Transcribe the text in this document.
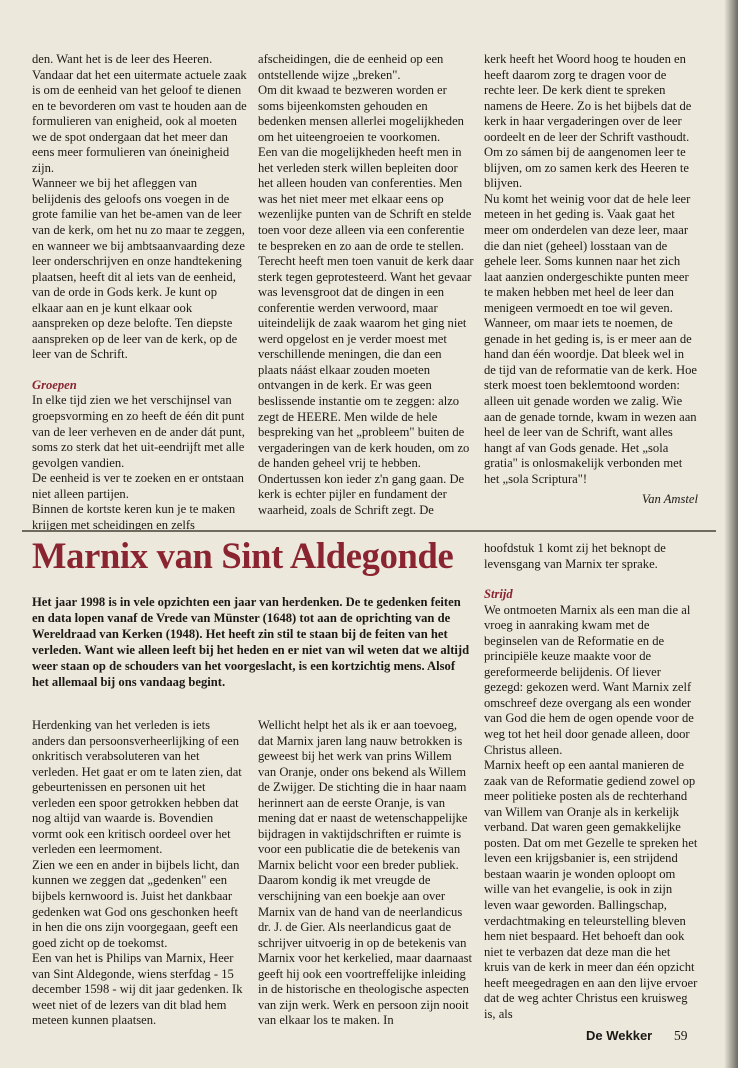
den. Want het is de leer des Heeren. Vandaar dat het een uitermate actuele zaak is om de eenheid van het geloof te dienen en te bevorderen om vast te houden aan de formulieren van enigheid, ook al moeten we de spot ondergaan dat het meer dan eens meer formulieren van óneinigheid zijn.

Wanneer we bij het afleggen van belijdenis des geloofs ons voegen in de grote familie van het be-amen van de leer van de kerk, om het nu zo maar te zeggen, en wanneer we bij ambtsaanvaarding deze leer onderschrijven en onze handtekening plaatsen, heeft dit al iets van de eenheid, van de orde in Gods kerk. Je kunt op elkaar aan en je kunt elkaar ook aanspreken op deze belofte. Ten diepste aanspreken op de leer van de kerk, op de leer van de Schrift.

Groepen

In elke tijd zien we het verschijnsel van groepsvorming en zo heeft de één dit punt van de leer verheven en de ander dát punt, soms zo sterk dat het uit-eendrijft met alle gevolgen vandien.

De eenheid is ver te zoeken en er ontstaan niet alleen partijen.

Binnen de kortste keren kun je te maken krijgen met scheidingen en zelfs

afscheidingen, die de eenheid op een ontstellende wijze „breken".

Om dit kwaad te bezweren worden er soms bijeenkomsten gehouden en bedenken mensen allerlei mogelijkheden om het uiteengroeien te voorkomen.

Een van die mogelijkheden heeft men in het verleden sterk willen bepleiten door het alleen houden van conferenties. Men was het niet meer met elkaar eens op wezenlijke punten van de Schrift en stelde toen voor deze alleen via een conferentie te bespreken en zo aan de orde te stellen. Terecht heeft men toen vanuit de kerk daar sterk tegen geprotesteerd. Want het gevaar was levensgroot dat de dingen in een conferentie werden verwoord, maar uiteindelijk de zaak waarom het ging niet werd opgelost en je verder moest met verschillende meningen, die dan een plaats náást elkaar zouden moeten ontvangen in de kerk. Er was geen beslissende instantie om te zeggen: alzo zegt de HEERE. Men wilde de hele bespreking van het „probleem" buiten de vergaderingen van de kerk houden, om zo de handen geheel vrij te hebben. Ondertussen kon ieder z'n gang gaan. De kerk is echter pijler en fundament der waarheid, zoals de Schrift zegt. De

kerk heeft het Woord hoog te houden en heeft daarom zorg te dragen voor de rechte leer. De kerk dient te spreken namens de Heere. Zo is het bijbels dat de kerk in haar vergaderingen over de leer oordeelt en de leer der Schrift vasthoudt. Om zo sámen bij de aangenomen leer te blijven, om zo samen kerk des Heeren te blijven.

Nu komt het weinig voor dat de hele leer meteen in het geding is. Vaak gaat het meer om onderdelen van deze leer, maar die dan niet (geheel) losstaan van de gehele leer. Soms kunnen naar het zich laat aanzien ondergeschikte punten meer te maken hebben met heel de leer dan menigeen vermoedt en toe wil geven. Wanneer, om maar iets te noemen, de genade in het geding is, is er meer aan de hand dan één woordje. Dat bleek wel in de tijd van de reformatie van de kerk. Hoe sterk moest toen beklemtoond worden: alleen uit genade worden we zalig. Wie aan de genade tornde, kwam in wezen aan heel de leer van de Schrift, want alles hangt af van Gods genade. Het „sola gratia" is onlosmakelijk verbonden met het „sola Scriptura"!

Van Amstel

Marnix van Sint Aldegonde
Het jaar 1998 is in vele opzichten een jaar van herdenken. De te gedenken feiten en data lopen vanaf de Vrede van Münster (1648) tot aan de oprichting van de Wereldraad van Kerken (1948). Het heeft zin stil te staan bij de feiten van het verleden. Want wie alleen leeft bij het heden en er niet van wil weten dat we altijd weer staan op de schouders van het voorgeslacht, is een kortzichtig mens. Alsof het allemaal bij ons vandaag begint.

Herdenking van het verleden is iets anders dan persoonsverheerlijking of een onkritisch verabsoluteren van het verleden. Het gaat er om te laten zien, dat gebeurtenissen en personen uit het verleden een spoor getrokken hebben dat nog altijd van waarde is. Bovendien vormt ook een kritisch oordeel over het verleden een leermoment.

Zien we een en ander in bijbels licht, dan kunnen we zeggen dat „gedenken" een bijbels kernwoord is. Juist het dankbaar gedenken wat God ons geschonken heeft in hen die ons zijn voorgegaan, geeft een goed zicht op de toekomst.

Een van het is Philips van Marnix, Heer van Sint Aldegonde, wiens sterfdag - 15 december 1598 - wij dit jaar gedenken. Ik weet niet of de lezers van dit blad hem meteen kunnen plaatsen.

Wellicht helpt het als ik er aan toevoeg, dat Marnix jaren lang nauw betrokken is geweest bij het werk van prins Willem van Oranje, onder ons bekend als Willem de Zwijger. De stichting die in haar naam herinnert aan de eerste Oranje, is van mening dat er naast de wetenschappelijke bijdragen in vaktijdschriften er ruimte is voor een publicatie die de betekenis van Marnix belicht voor een breder publiek. Daarom kondig ik met vreugde de verschijning van een boekje aan over Marnix van de hand van de neerlandicus dr. J. de Gier. Als neerlandicus gaat de schrijver uitvoerig in op de betekenis van Marnix voor het kerkelied, maar daarnaast geeft hij ook een voortreffelijke inleiding in de historische en theologische aspecten van zijn werk. Werk en persoon zijn nooit van elkaar los te maken. In

hoofdstuk 1 komt zij het beknopt de levensgang van Marnix ter sprake.

Strijd

We ontmoeten Marnix als een man die al vroeg in aanraking kwam met de beginselen van de Reformatie en de principiële keuze maakte voor de gereformeerde belijdenis. Of liever gezegd: gekozen werd. Want Marnix zelf omschreef deze overgang als een wonder van God die hem de ogen opende voor de weg tot het heil door genade alleen, door Christus alleen.

Marnix heeft op een aantal manieren de zaak van de Reformatie gediend zowel op meer politieke posten als de rechterhand van Willem van Oranje als in kerkelijk verband. Dat waren geen gemakkelijke posten. Dat om met Gezelle te spreken het leven een krijgsbanier is, een strijdend bestaan waarin je wonden oploopt om wille van het evangelie, is ook in zijn leven waar geworden. Ballingschap, verdachtmaking en teleurstelling bleven hem niet bespaard. Het behoeft dan ook niet te verbazen dat deze man die het kruis van de kerk in meer dan één opzicht heeft meegedragen en aan den lijve ervoer dat de weg achter Christus een kruisweg is, als

De Wekker 59
